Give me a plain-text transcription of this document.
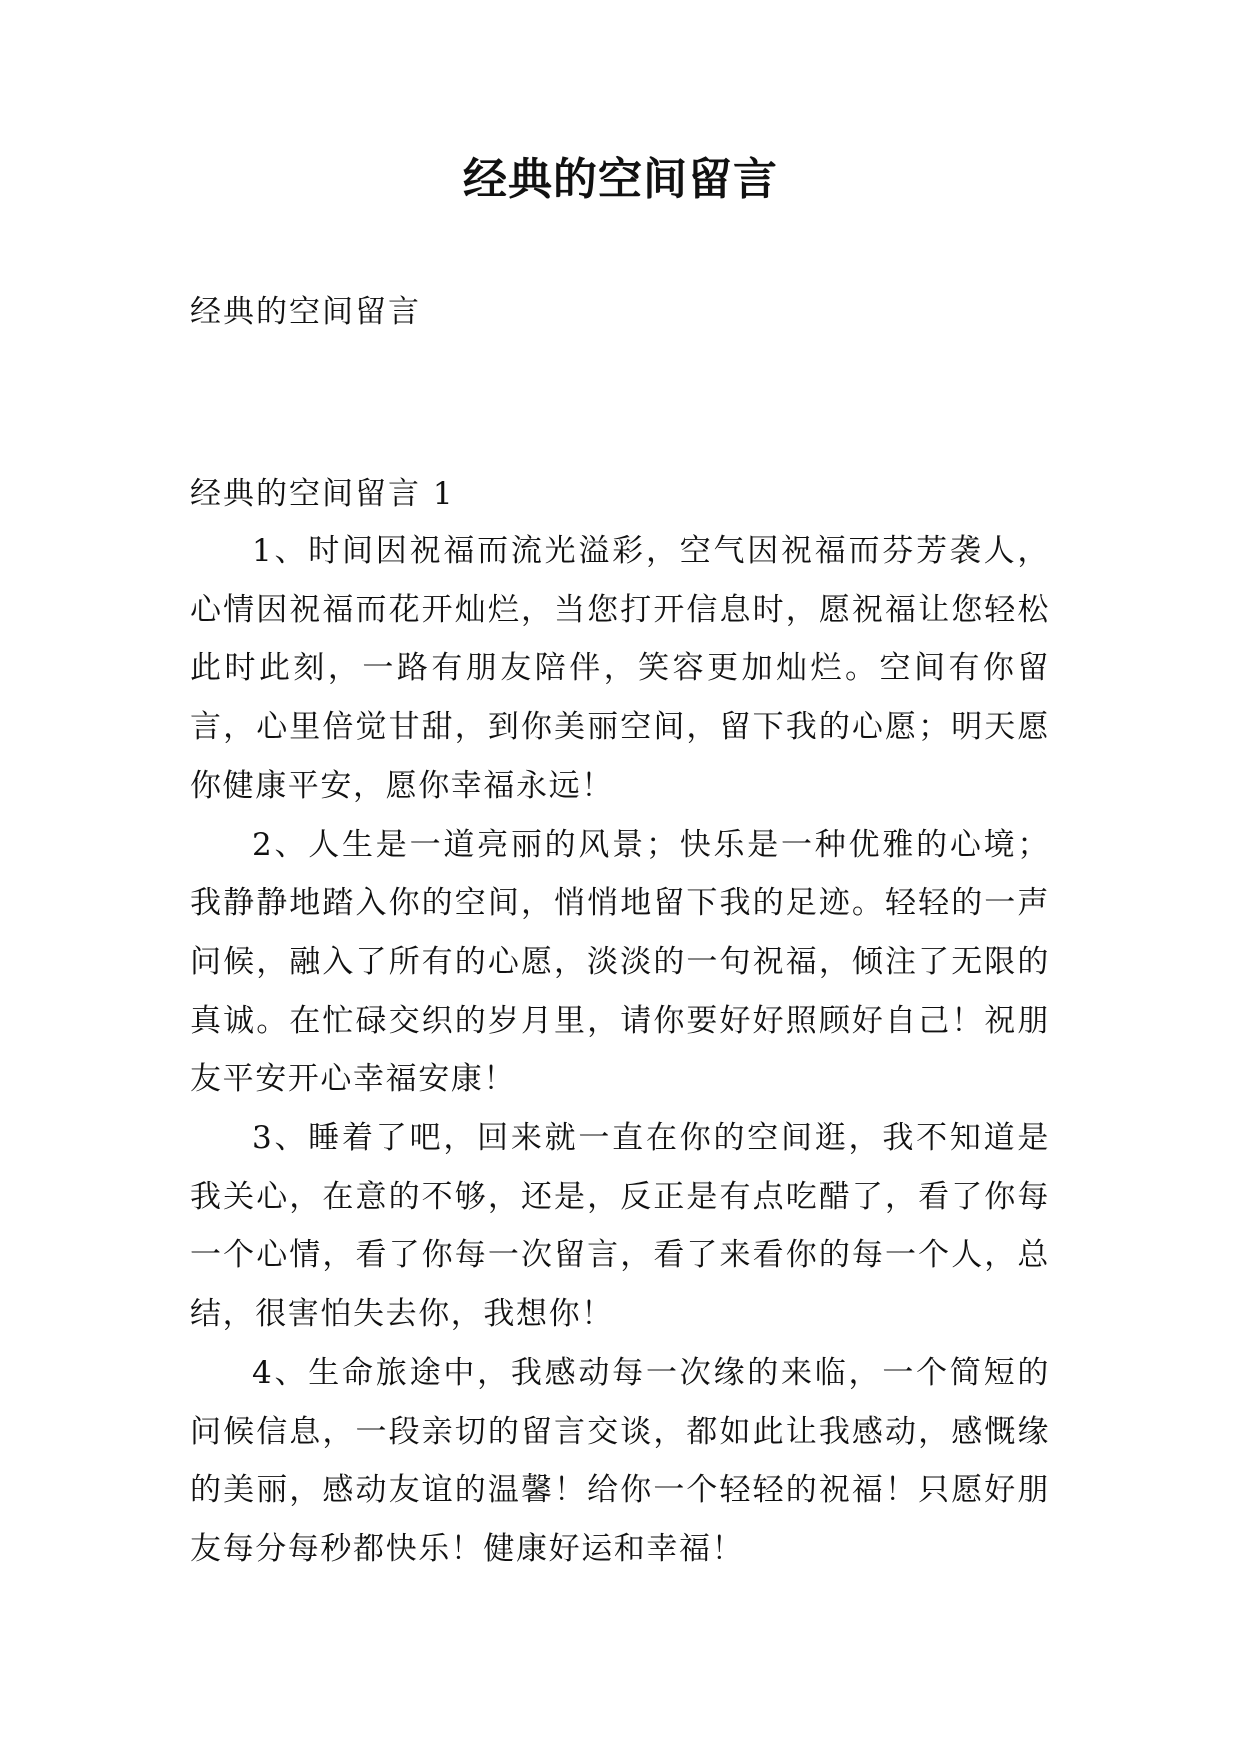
经典的空间留言
经典的空间留言
经典的空间留言 1

1、时间因祝福而流光溢彩，空气因祝福而芬芳袭人，心情因祝福而花开灿烂，当您打开信息时，愿祝福让您轻松此时此刻，一路有朋友陪伴，笑容更加灿烂。空间有你留言，心里倍觉甘甜，到你美丽空间，留下我的心愿；明天愿你健康平安，愿你幸福永远！

2、人生是一道亮丽的风景；快乐是一种优雅的心境；我静静地踏入你的空间，悄悄地留下我的足迹。轻轻的一声问候，融入了所有的心愿，淡淡的一句祝福，倾注了无限的真诚。在忙碌交织的岁月里，请你要好好照顾好自己！祝朋友平安开心幸福安康！

3、睡着了吧，回来就一直在你的空间逛，我不知道是我关心，在意的不够，还是，反正是有点吃醋了，看了你每一个心情，看了你每一次留言，看了来看你的每一个人，总结，很害怕失去你，我想你！

4、生命旅途中，我感动每一次缘的来临，一个简短的问候信息，一段亲切的留言交谈，都如此让我感动，感慨缘的美丽，感动友谊的温馨！给你一个轻轻的祝福！只愿好朋友每分每秒都快乐！健康好运和幸福！
